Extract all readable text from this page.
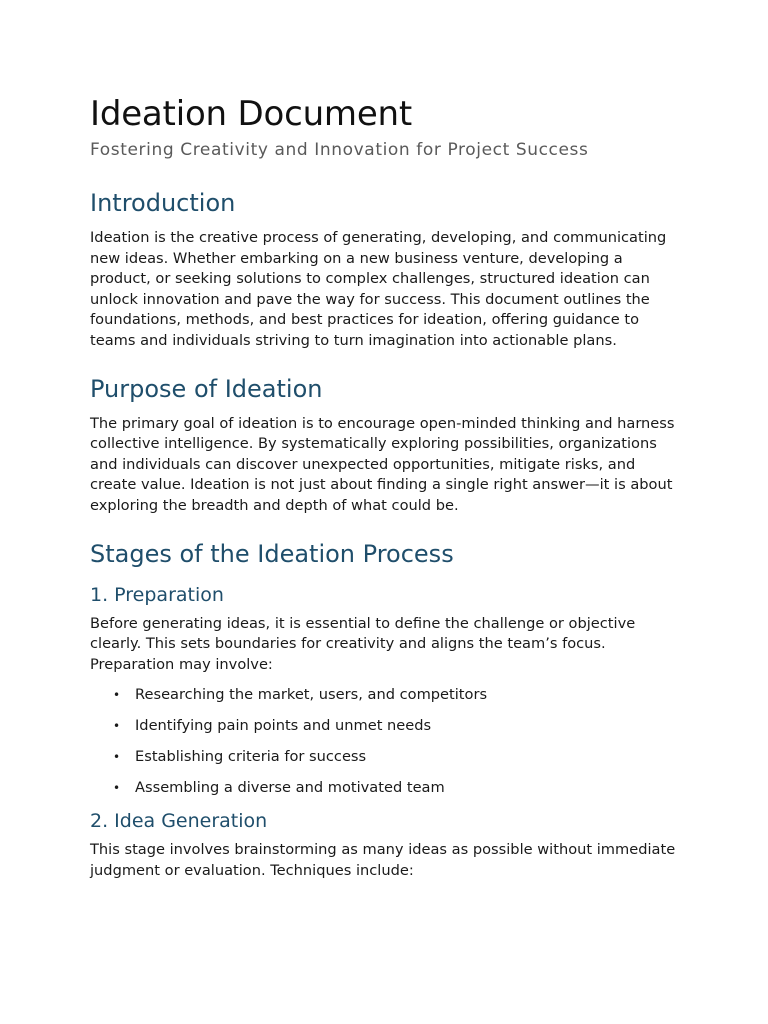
Ideation Document
Fostering Creativity and Innovation for Project Success
Introduction

Ideation is the creative process of generating, developing, and communicating new ideas. Whether embarking on a new business venture, developing a product, or seeking solutions to complex challenges, structured ideation can unlock innovation and pave the way for success. This document outlines the foundations, methods, and best practices for ideation, offering guidance to teams and individuals striving to turn imagination into actionable plans.

Purpose of Ideation

The primary goal of ideation is to encourage open-minded thinking and harness collective intelligence. By systematically exploring possibilities, organizations and individuals can discover unexpected opportunities, mitigate risks, and create value. Ideation is not just about finding a single right answer—it is about exploring the breadth and depth of what could be.

Stages of the Ideation Process
1. Preparation

Before generating ideas, it is essential to define the challenge or objective clearly. This sets boundaries for creativity and aligns the team’s focus. Preparation may involve:

• Researching the market, users, and competitors
• Identifying pain points and unmet needs
• Establishing criteria for success
• Assembling a diverse and motivated team
2. Idea Generation

This stage involves brainstorming as many ideas as possible without immediate judgment or evaluation. Techniques include:
